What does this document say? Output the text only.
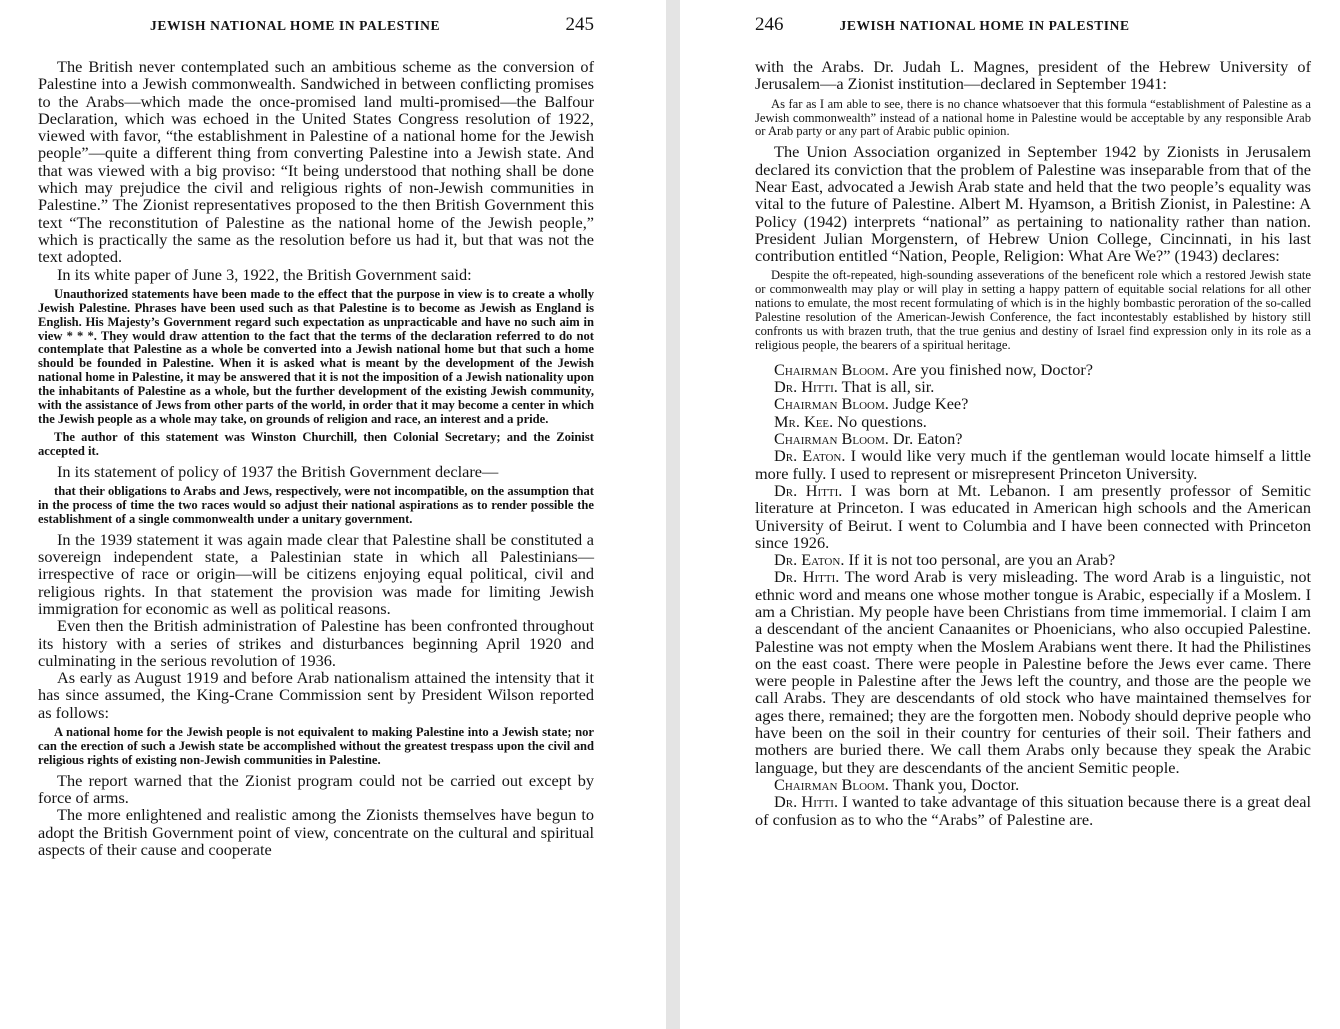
JEWISH NATIONAL HOME IN PALESTINE	245

The British never contemplated such an ambitious scheme as the conversion of Palestine into a Jewish commonwealth. Sandwiched in between conflicting promises to the Arabs—which made the once-promised land multi-promised—the Balfour Declaration, which was echoed in the United States Congress resolution of 1922, viewed with favor, “the establishment in Palestine of a national home for the Jewish people”—quite a different thing from converting Palestine into a Jewish state. And that was viewed with a big proviso: “It being understood that nothing shall be done which may prejudice the civil and religious rights of non-Jewish communities in Palestine.” The Zionist representatives proposed to the then British Government this text “The reconstitution of Palestine as the national home of the Jewish people,” which is practically the same as the resolution before us had it, but that was not the text adopted.

In its white paper of June 3, 1922, the British Government said:

Unauthorized statements have been made to the effect that the purpose in view is to create a wholly Jewish Palestine. Phrases have been used such as that Palestine is to become as Jewish as England is English. His Majesty’s Government regard such expectation as unpracticable and have no such aim in view * * *. They would draw attention to the fact that the terms of the declaration referred to do not contemplate that Palestine as a whole be converted into a Jewish national home but that such a home should be founded in Palestine. When it is asked what is meant by the development of the Jewish national home in Palestine, it may be answered that it is not the imposition of a Jewish nationality upon the inhabitants of Palestine as a whole, but the further development of the existing Jewish community, with the assistance of Jews from other parts of the world, in order that it may become a center in which the Jewish people as a whole may take, on grounds of religion and race, an interest and a pride.

The author of this statement was Winston Churchill, then Colonial Secretary; and the Zoinist accepted it.

In its statement of policy of 1937 the British Government declare—

that their obligations to Arabs and Jews, respectively, were not incompatible, on the assumption that in the process of time the two races would so adjust their national aspirations as to render possible the establishment of a single commonwealth under a unitary government.

In the 1939 statement it was again made clear that Palestine shall be constituted a sovereign independent state, a Palestinian state in which all Palestinians—irrespective of race or origin—will be citizens enjoying equal political, civil and religious rights. In that statement the provision was made for limiting Jewish immigration for economic as well as political reasons.

Even then the British administration of Palestine has been confronted throughout its history with a series of strikes and disturbances beginning April 1920 and culminating in the serious revolution of 1936.

As early as August 1919 and before Arab nationalism attained the intensity that it has since assumed, the King-Crane Commission sent by President Wilson reported as follows:

A national home for the Jewish people is not equivalent to making Palestine into a Jewish state; nor can the erection of such a Jewish state be accomplished without the greatest trespass upon the civil and religious rights of existing non-Jewish communities in Palestine.

The report warned that the Zionist program could not be carried out except by force of arms.

The more enlightened and realistic among the Zionists themselves have begun to adopt the British Government point of view, concentrate on the cultural and spiritual aspects of their cause and cooperate

246	JEWISH NATIONAL HOME IN PALESTINE

with the Arabs. Dr. Judah L. Magnes, president of the Hebrew University of Jerusalem—a Zionist institution—declared in September 1941:

As far as I am able to see, there is no chance whatsoever that this formula “establishment of Palestine as a Jewish commonwealth” instead of a national home in Palestine would be acceptable by any responsible Arab or Arab party or any part of Arabic public opinion.

The Union Association organized in September 1942 by Zionists in Jerusalem declared its conviction that the problem of Palestine was inseparable from that of the Near East, advocated a Jewish Arab state and held that the two people’s equality was vital to the future of Palestine. Albert M. Hyamson, a British Zionist, in Palestine: A Policy (1942) interprets “national” as pertaining to nationality rather than nation. President Julian Morgenstern, of Hebrew Union College, Cincinnati, in his last contribution entitled “Nation, People, Religion: What Are We?” (1943) declares:

Despite the oft-repeated, high-sounding asseverations of the beneficent role which a restored Jewish state or commonwealth may play or will play in setting a happy pattern of equitable social relations for all other nations to emulate, the most recent formulating of which is in the highly bombastic peroration of the so-called Palestine resolution of the American-Jewish Conference, the fact incontestably established by history still confronts us with brazen truth, that the true genius and destiny of Israel find expression only in its role as a religious people, the bearers of a spiritual heritage.

Chairman Bloom. Are you finished now, Doctor?

Dr. Hitti. That is all, sir.

Chairman Bloom. Judge Kee?

Mr. Kee. No questions.

Chairman Bloom. Dr. Eaton?

Dr. Eaton. I would like very much if the gentleman would locate himself a little more fully. I used to represent or misrepresent Princeton University.

Dr. Hitti. I was born at Mt. Lebanon. I am presently professor of Semitic literature at Princeton. I was educated in American high schools and the American University of Beirut. I went to Columbia and I have been connected with Princeton since 1926.

Dr. Eaton. If it is not too personal, are you an Arab?

Dr. Hitti. The word Arab is very misleading. The word Arab is a linguistic, not ethnic word and means one whose mother tongue is Arabic, especially if a Moslem. I am a Christian. My people have been Christians from time immemorial. I claim I am a descendant of the ancient Canaanites or Phoenicians, who also occupied Palestine. Palestine was not empty when the Moslem Arabians went there. It had the Philistines on the east coast. There were people in Palestine before the Jews ever came. There were people in Palestine after the Jews left the country, and those are the people we call Arabs. They are descendants of old stock who have maintained themselves for ages there, remained; they are the forgotten men. Nobody should deprive people who have been on the soil in their country for centuries of their soil. Their fathers and mothers are buried there. We call them Arabs only because they speak the Arabic language, but they are descendants of the ancient Semitic people.

Chairman Bloom. Thank you, Doctor.

Dr. Hitti. I wanted to take advantage of this situation because there is a great deal of confusion as to who the “Arabs” of Palestine are.
